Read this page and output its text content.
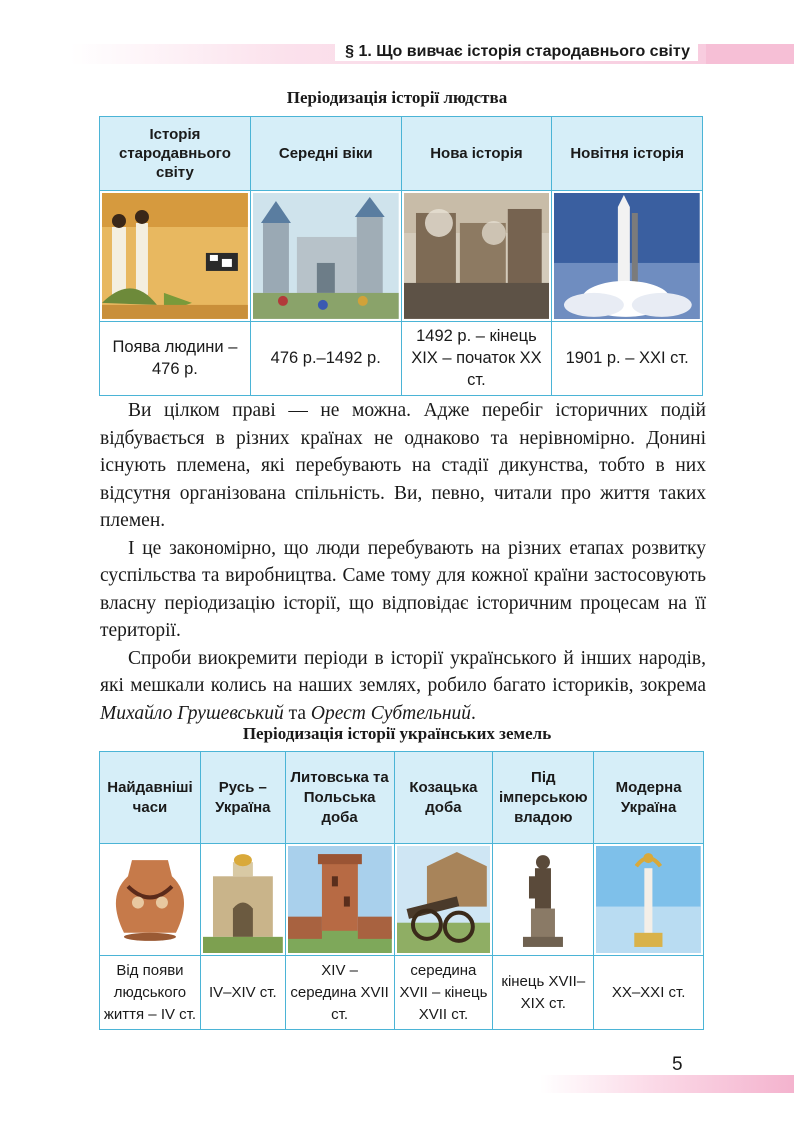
§ 1. Що вивчає історія стародавнього світу
Періодизація історії людства
Історія стародавнього світу	Середні віки	Нова історія	Новітня історія

Поява людини – 476 р.	476 р.–1492 р.	1492 р. – кінець XIX – початок XX ст.	1901 р. – XXI ст.

Ви цілком праві — не можна. Адже перебіг історичних подій відбувається в різних країнах не однаково та нерівномірно. Донині існують племена, які перебувають на стадії дикунства, тобто в них відсутня організована спільність. Ви, певно, читали про життя таких племен.

І це закономірно, що люди перебувають на різних етапах розвитку суспільства та виробництва. Саме тому для кожної країни застосовують власну періодизацію історії, що відповідає історичним процесам на її території.

Спроби виокремити періоди в історії українського й інших народів, які мешкали колись на наших землях, робило багато істориків, зокрема Михайло Грушевський та Орест Субтельний.

Періодизація історії українських земель
Найдавніші часи	Русь – Україна	Литовська та Польська доба	Козацька доба	Під імперською владою	Модерна Україна

Від появи людського життя – IV ст.	IV–XIV ст.	XIV – середина XVII ст.	середина XVII – кінець XVII ст.	кінець XVII– XIX ст.	XX–XXI ст.
5
